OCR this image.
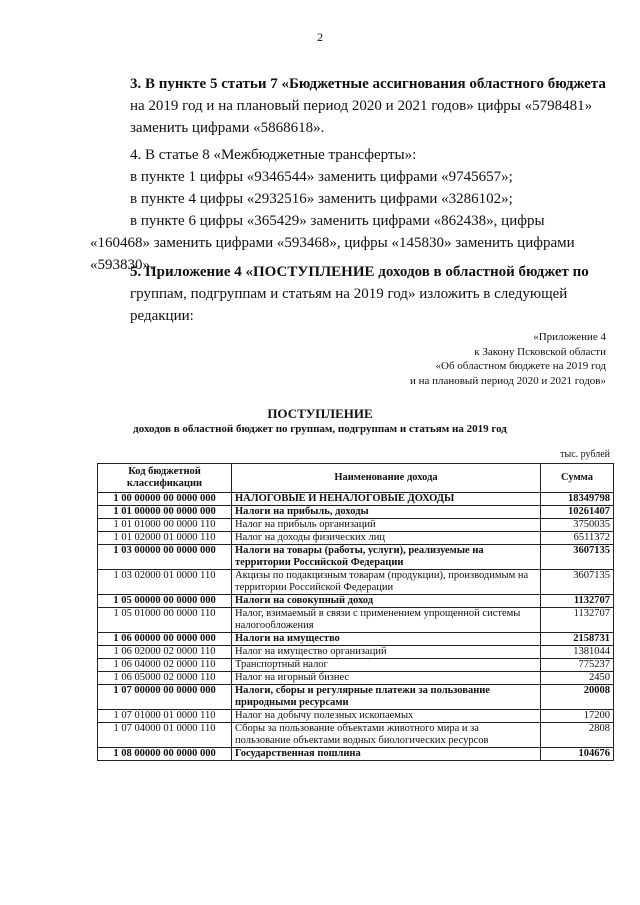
2
3. В пункте 5 статьи 7 «Бюджетные ассигнования областного бюджета
на 2019 год и на плановый период 2020 и 2021 годов» цифры «5798481»
заменить цифрами «5868618».
4. В статье 8 «Межбюджетные трансферты»:
в пункте 1 цифры «9346544» заменить цифрами «9745657»;
в пункте 4 цифры «2932516» заменить цифрами «3286102»;
в пункте 6 цифры «365429» заменить цифрами «862438», цифры
«160468» заменить цифрами «593468», цифры «145830» заменить цифрами
«593830».
5. Приложение 4 «ПОСТУПЛЕНИЕ доходов в областной бюджет по
группам, подгруппам и статьям на 2019 год» изложить в следующей
редакции:
«Приложение 4
к Закону Псковской области
«Об областном бюджете на 2019 год
и на плановый период 2020 и 2021 годов»
ПОСТУПЛЕНИЕ
доходов в областной бюджет по группам, подгруппам и статьям на 2019 год
тыс. рублей
Код бюджетной классификации	Наименование дохода	Сумма
1 00 00000 00 0000 000	НАЛОГОВЫЕ И НЕНАЛОГОВЫЕ ДОХОДЫ	18349798
1 01 00000 00 0000 000	Налоги на прибыль, доходы	10261407
1 01 01000 00 0000 110	Налог на прибыль организаций	3750035
1 01 02000 01 0000 110	Налог на доходы физических лиц	6511372
1 03 00000 00 0000 000	Налоги на товары (работы, услуги), реализуемые на территории Российской Федерации	3607135
1 03 02000 01 0000 110	Акцизы по подакцизным товарам (продукции), производимым на территории Российской Федерации	3607135
1 05 00000 00 0000 000	Налоги на совокупный доход	1132707
1 05 01000 00 0000 110	Налог, взимаемый в связи с применением упрощенной системы налогообложения	1132707
1 06 00000 00 0000 000	Налоги на имущество	2158731
1 06 02000 02 0000 110	Налог на имущество организаций	1381044
1 06 04000 02 0000 110	Транспортный налог	775237
1 06 05000 02 0000 110	Налог на игорный бизнес	2450
1 07 00000 00 0000 000	Налоги, сборы и регулярные платежи за пользование природными ресурсами	20008
1 07 01000 01 0000 110	Налог на добычу полезных ископаемых	17200
1 07 04000 01 0000 110	Сборы за пользование объектами животного мира и за пользование объектами водных биологических ресурсов	2808
1 08 00000 00 0000 000	Государственная пошлина	104676
